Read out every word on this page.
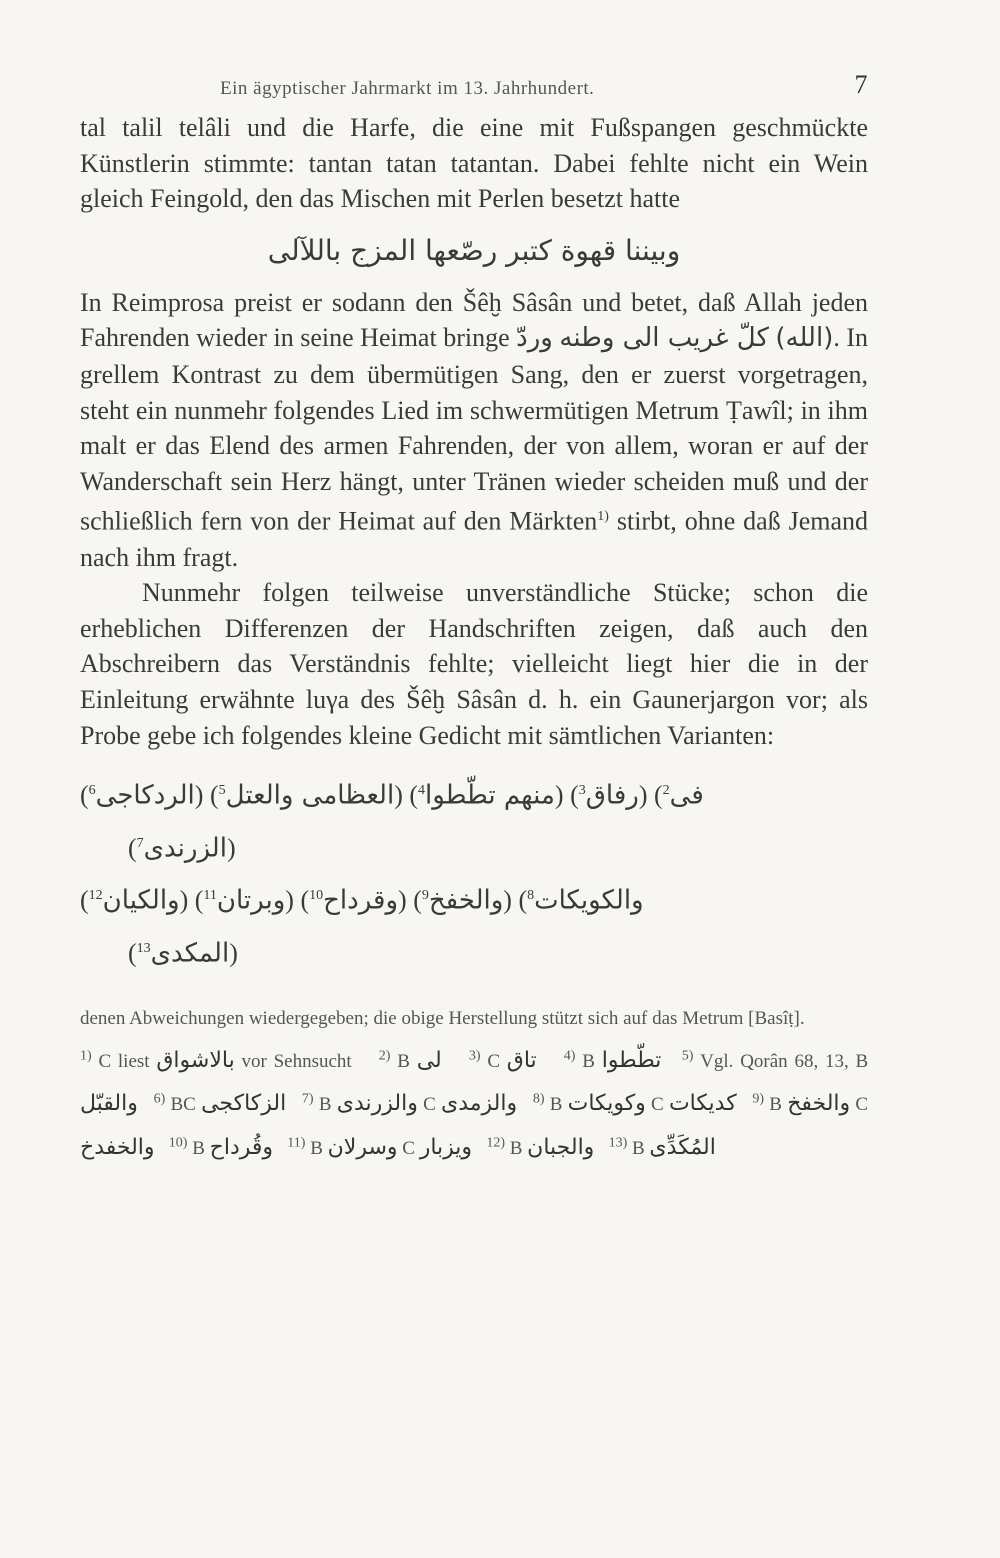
Ein ägyptischer Jahrmarkt im 13. Jahrhundert.	7

tal talil telâli und die Harfe, die eine mit Fußspangen geschmückte Künstlerin stimmte: tantan tatan tatantan. Dabei fehlte nicht ein Wein gleich Feingold, den das Mischen mit Perlen besetzt hatte

وبيننا قهوة كتبر رصّعها المزج باللآلى

In Reimprosa preist er sodann den Šêḫ Sâsân und betet, daß Allah jeden Fahrenden wieder in seine Heimat bringe وردّ كلّ غريب الى وطنه (الله). In grellem Kontrast zu dem übermütigen Sang, den er zuerst vorgetragen, steht ein nunmehr folgendes Lied im schwermütigen Metrum Ṭawîl; in ihm malt er das Elend des armen Fahrenden, der von allem, woran er auf der Wanderschaft sein Herz hängt, unter Tränen wieder scheiden muß und der schließlich fern von der Heimat auf den Märkten$^{1)}$ stirbt, ohne daß Jemand nach ihm fragt.

Nunmehr folgen teilweise unverständliche Stücke; schon die erheblichen Differenzen der Handschriften zeigen, daß auch den Abschreibern das Verständnis fehlte; vielleicht liegt hier die in der Einleitung erwähnte luγa des Šêḫ Sâsân d. h. ein Gaunerjargon vor; als Probe gebe ich folgendes kleine Gedicht mit sämtlichen Varianten:

($^6$الردكاجى) ($^5$العظامى والعتل) ($^4$منهم تطّطوا) ($^3$رفاق) ($^2$فى
($^7$الزرندى)
($^{12}$والكيان) ($^{11}$وبرتان) ($^{10}$وقرداح) ($^9$والخفخ) ($^8$والكويكات
($^{13}$المكدى)

denen Abweichungen wiedergegeben; die obige Herstellung stützt sich auf das Metrum [Basîṭ].

$^{1)}$ C liest بالاشواق vor Sehnsucht $^{2)}$ B لى $^{3)}$ C تاق $^{4)}$ B تطّطوا $^{5)}$ Vgl. Qorân 68, 13, B والقبّل $^{6)}$ BC الزكاكجى $^{7)}$ B والزرندى C والزمدى $^{8)}$ B وكويكات C كديكات $^{9)}$ B والخفخ C والخفدخ $^{10)}$ B وقُرداح $^{11)}$ B وسرلان C ويزبار $^{12)}$ B والجبان $^{13)}$ B المُكَدِّى
